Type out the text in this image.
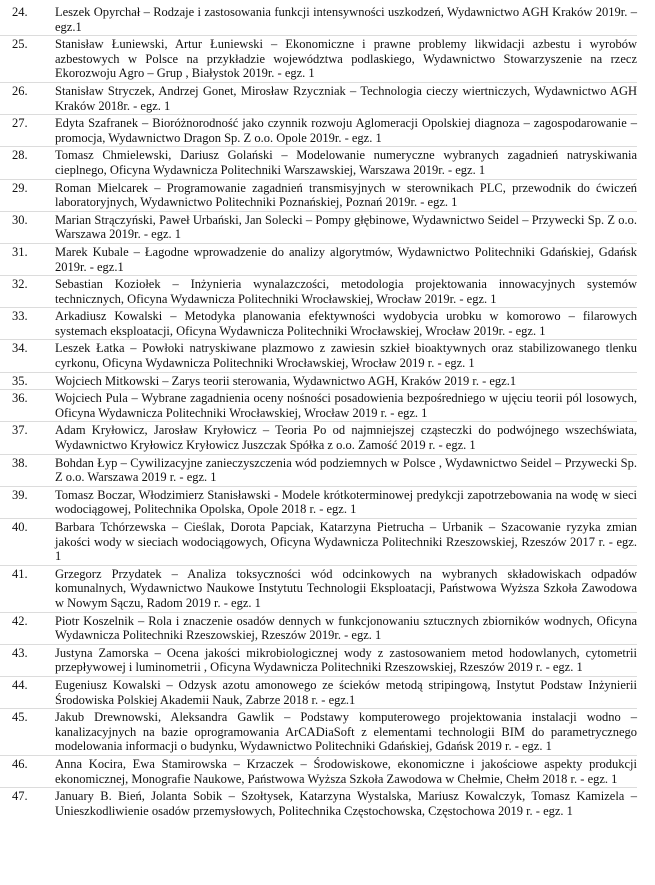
24.	Leszek Opyrchał – Rodzaje i zastosowania funkcji intensywności uszkodzeń, Wydawnictwo AGH Kraków 2019r. – egz.1
25.	Stanisław Łuniewski, Artur Łuniewski – Ekonomiczne i prawne problemy likwidacji azbestu i wyrobów azbestowych w Polsce na przykładzie województwa podlaskiego, Wydawnictwo Stowarzyszenie na rzecz Ekorozwoju Agro – Grup , Białystok 2019r. - egz. 1
26.	Stanisław Stryczek, Andrzej Gonet, Mirosław Rzyczniak – Technologia cieczy wiertniczych, Wydawnictwo AGH Kraków 2018r. - egz. 1
27.	Edyta Szafranek – Bioróżnorodność jako czynnik rozwoju Aglomeracji Opolskiej diagnoza – zagospodarowanie – promocja, Wydawnictwo Dragon Sp. Z o.o. Opole 2019r. - egz. 1
28.	Tomasz Chmielewski, Dariusz Golański – Modelowanie numeryczne wybranych zagadnień natryskiwania cieplnego, Oficyna Wydawnicza Politechniki Warszawskiej, Warszawa 2019r. - egz. 1
29.	Roman Mielcarek – Programowanie zagadnień transmisyjnych w sterownikach PLC, przewodnik do ćwiczeń laboratoryjnych, Wydawnictwo Politechniki Poznańskiej, Poznań 2019r. - egz. 1
30.	Marian Strączyński, Paweł Urbański, Jan Solecki – Pompy głębinowe, Wydawnictwo Seidel – Przywecki Sp. Z o.o. Warszawa 2019r. - egz. 1
31.	Marek Kubale – Łagodne wprowadzenie do analizy algorytmów, Wydawnictwo Politechniki Gdańskiej, Gdańsk 2019r. - egz.1
32.	Sebastian Koziołek – Inżynieria wynalazczości, metodologia projektowania innowacyjnych systemów technicznych, Oficyna Wydawnicza Politechniki Wrocławskiej, Wrocław 2019r. - egz. 1
33.	Arkadiusz Kowalski – Metodyka planowania efektywności wydobycia urobku w komorowo – filarowych systemach eksploatacji, Oficyna Wydawnicza Politechniki Wrocławskiej, Wrocław 2019r. - egz. 1
34.	Leszek Łatka – Powłoki natryskiwane plazmowo z zawiesin szkieł bioaktywnych oraz stabilizowanego tlenku cyrkonu, Oficyna Wydawnicza Politechniki Wrocławskiej, Wrocław 2019 r. - egz. 1
35.	Wojciech Mitkowski – Zarys teorii sterowania, Wydawnictwo AGH, Kraków 2019 r. - egz.1
36.	Wojciech Pula – Wybrane zagadnienia oceny nośności posadowienia bezpośredniego w ujęciu teorii pól losowych, Oficyna Wydawnicza Politechniki Wrocławskiej, Wrocław 2019 r. - egz. 1
37.	Adam Kryłowicz, Jarosław Kryłowicz – Teoria Po od najmniejszej cząsteczki do podwójnego wszechświata, Wydawnictwo Kryłowicz Kryłowicz Juszczak Spółka z o.o. Zamość 2019 r. - egz. 1
38.	Bohdan Łyp – Cywilizacyjne zanieczyszczenia wód podziemnych w Polsce , Wydawnictwo Seidel – Przywecki Sp. Z o.o. Warszawa 2019 r. - egz. 1
39.	Tomasz Boczar, Włodzimierz Stanisławski - Modele krótkoterminowej predykcji zapotrzebowania na wodę w sieci wodociągowej, Politechnika Opolska, Opole 2018 r. - egz. 1
40.	Barbara Tchórzewska – Cieślak, Dorota Papciak, Katarzyna Pietrucha – Urbanik – Szacowanie ryzyka zmian jakości wody w sieciach wodociągowych, Oficyna Wydawnicza Politechniki Rzeszowskiej, Rzeszów 2017 r. - egz. 1
41.	Grzegorz Przydatek – Analiza toksyczności wód odcinkowych na wybranych składowiskach odpadów komunalnych, Wydawnictwo Naukowe Instytutu Technologii Eksploatacji, Państwowa Wyższa Szkoła Zawodowa w Nowym Sączu, Radom 2019 r. - egz. 1
42.	Piotr Koszelnik – Rola i znaczenie osadów dennych w funkcjonowaniu sztucznych zbiorników wodnych, Oficyna Wydawnicza Politechniki Rzeszowskiej, Rzeszów 2019r. - egz. 1
43.	Justyna Zamorska – Ocena jakości mikrobiologicznej wody z zastosowaniem metod hodowlanych, cytometrii przepływowej i luminometrii , Oficyna Wydawnicza Politechniki Rzeszowskiej, Rzeszów 2019 r. - egz. 1
44.	Eugeniusz Kowalski – Odzysk azotu amonowego ze ścieków metodą stripingową, Instytut Podstaw Inżynierii Środowiska Polskiej Akademii Nauk, Zabrze 2018 r. - egz.1
45.	Jakub Drewnowski, Aleksandra Gawlik – Podstawy komputerowego projektowania instalacji wodno – kanalizacyjnych na bazie oprogramowania ArCADiaSoft z elementami technologii BIM do parametrycznego modelowania informacji o budynku, Wydawnictwo Politechniki Gdańskiej, Gdańsk 2019 r. - egz. 1
46.	Anna Kocira, Ewa Stamirowska – Krzaczek – Środowiskowe, ekonomiczne i jakościowe aspekty produkcji ekonomicznej, Monografie Naukowe, Państwowa Wyższa Szkoła Zawodowa w Chełmie, Chełm 2018 r. - egz. 1
47.	January B. Bień, Jolanta Sobik – Szołtysek, Katarzyna Wystalska, Mariusz Kowalczyk, Tomasz Kamizela – Unieszkodliwienie osadów przemysłowych, Politechnika Częstochowska, Częstochowa 2019 r. - egz. 1
